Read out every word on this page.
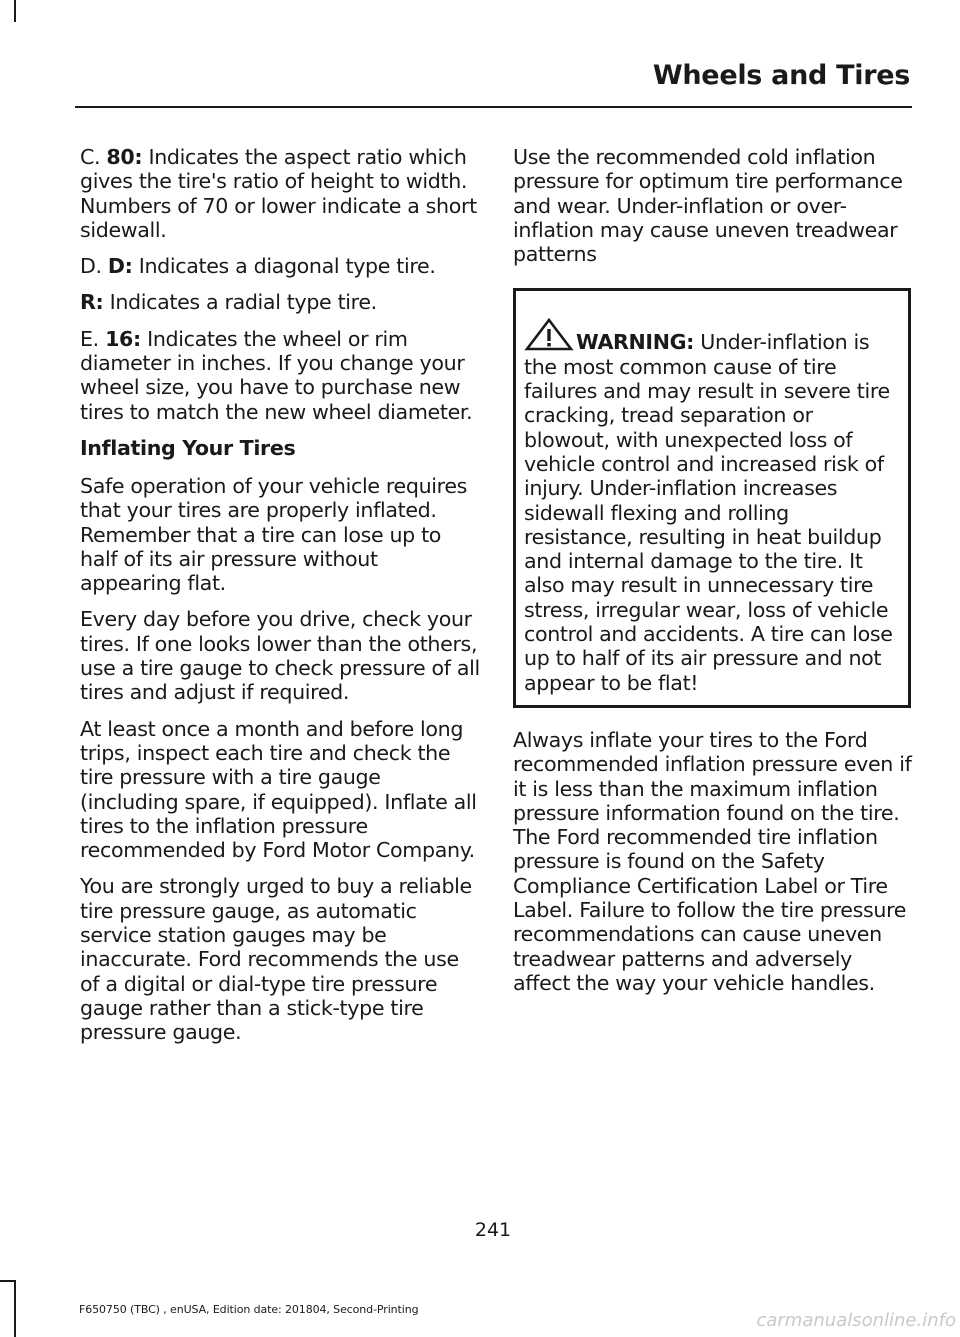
Wheels and Tires

C. 80: Indicates the aspect ratio which gives the tire's ratio of height to width. Numbers of 70 or lower indicate a short sidewall.

D. D: Indicates a diagonal type tire.

R: Indicates a radial type tire.

E. 16: Indicates the wheel or rim diameter in inches. If you change your wheel size, you have to purchase new tires to match the new wheel diameter.

Inflating Your Tires

Safe operation of your vehicle requires that your tires are properly inflated. Remember that a tire can lose up to half of its air pressure without appearing flat.

Every day before you drive, check your tires. If one looks lower than the others, use a tire gauge to check pressure of all tires and adjust if required.

At least once a month and before long trips, inspect each tire and check the tire pressure with a tire gauge (including spare, if equipped). Inflate all tires to the inflation pressure recommended by Ford Motor Company.

You are strongly urged to buy a reliable tire pressure gauge, as automatic service station gauges may be inaccurate. Ford recommends the use of a digital or dial-type tire pressure gauge rather than a stick-type tire pressure gauge.

Use the recommended cold inflation pressure for optimum tire performance and wear. Under-inflation or over-inflation may cause uneven treadwear patterns

WARNING: Under-inflation is the most common cause of tire failures and may result in severe tire cracking, tread separation or blowout, with unexpected loss of vehicle control and increased risk of injury. Under-inflation increases sidewall flexing and rolling resistance, resulting in heat buildup and internal damage to the tire. It also may result in unnecessary tire stress, irregular wear, loss of vehicle control and accidents. A tire can lose up to half of its air pressure and not appear to be flat!

Always inflate your tires to the Ford recommended inflation pressure even if it is less than the maximum inflation pressure information found on the tire. The Ford recommended tire inflation pressure is found on the Safety Compliance Certification Label or Tire Label. Failure to follow the tire pressure recommendations can cause uneven treadwear patterns and adversely affect the way your vehicle handles.

241
F650750 (TBC) , enUSA, Edition date: 201804, Second-Printing
carmanualsonline.info
